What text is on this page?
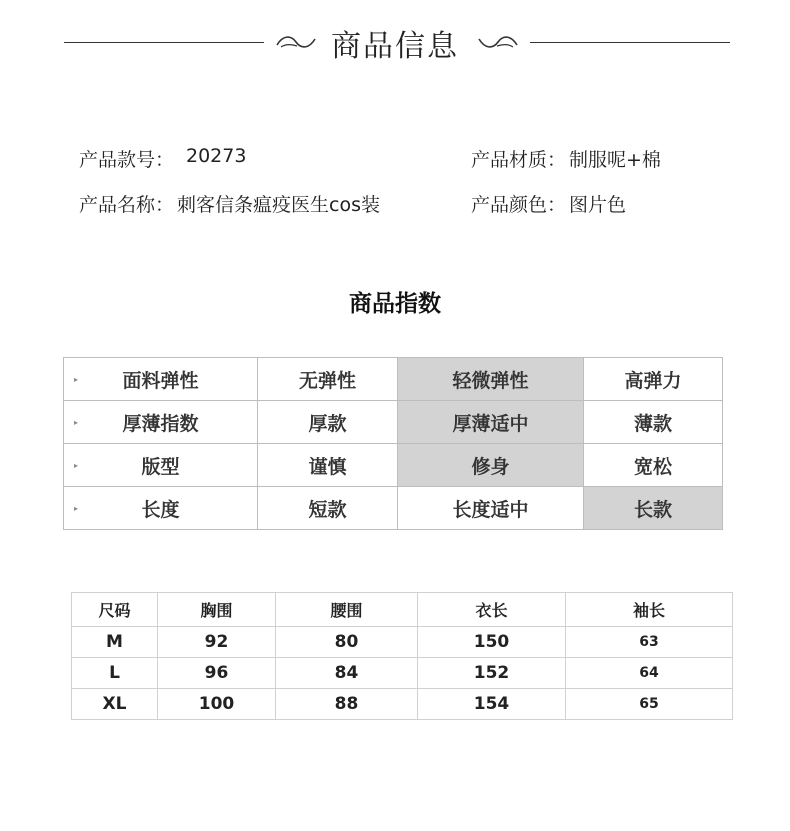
商品信息
产品款号： 20273
产品名称： 刺客信条瘟疫医生cos装
产品材质： 制服呢+棉
产品颜色： 图片色
商品指数
▸ 面料弹性	无弹性	轻微弹性	高弹力

▸ 厚薄指数	厚款	厚薄适中	薄款

▸ 版型	谨慎	修身	宽松

▸ 长度	短款	长度适中	长款
尺码	胸围	腰围	衣长	袖长
M	92	80	150	63
L	96	84	152	64
XL	100	88	154	65
